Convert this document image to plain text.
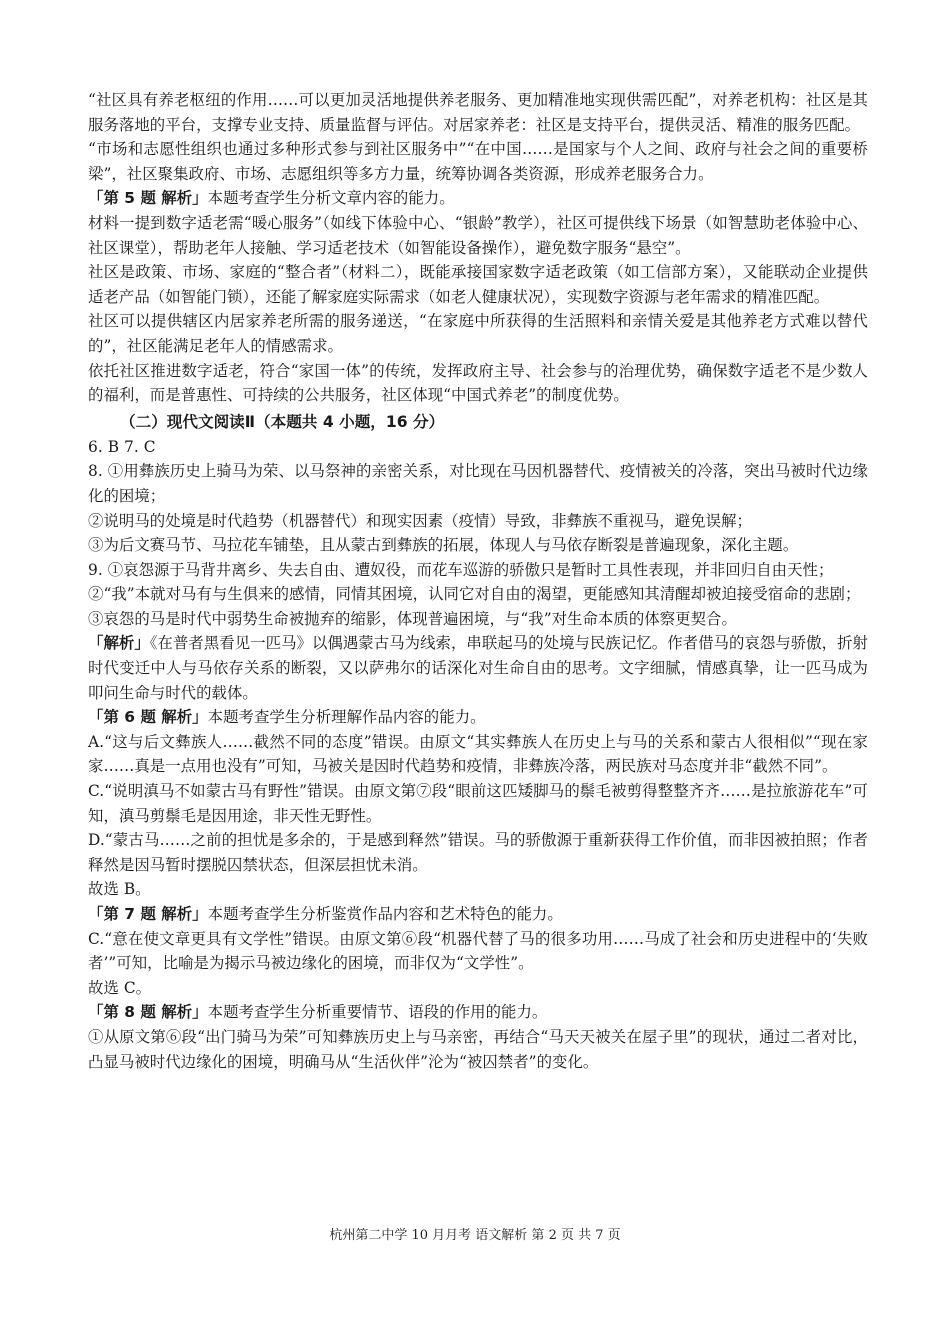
“社区具有养老枢纽的作用……可以更加灵活地提供养老服务、更加精准地实现供需匹配”，对养老机构：社区是其服务落地的平台，支撑专业支持、质量监督与评估。对居家养老：社区是支持平台，提供灵活、精准的服务匹配。

“市场和志愿性组织也通过多种形式参与到社区服务中”“在中国……是国家与个人之间、政府与社会之间的重要桥梁”，社区聚集政府、市场、志愿组织等多方力量，统筹协调各类资源，形成养老服务合力。

「第 5 题 解析」本题考查学生分析文章内容的能力。

材料一提到数字适老需“暖心服务”（如线下体验中心、“银龄”教学），社区可提供线下场景（如智慧助老体验中心、社区课堂），帮助老年人接触、学习适老技术（如智能设备操作），避免数字服务“悬空”。

社区是政策、市场、家庭的“整合者”（材料二），既能承接国家数字适老政策（如工信部方案），又能联动企业提供适老产品（如智能门锁），还能了解家庭实际需求（如老人健康状况），实现数字资源与老年需求的精准匹配。

社区可以提供辖区内居家养老所需的服务递送，“在家庭中所获得的生活照料和亲情关爱是其他养老方式难以替代的”，社区能满足老年人的情感需求。

依托社区推进数字适老，符合“家国一体”的传统，发挥政府主导、社会参与的治理优势，确保数字适老不是少数人的福利，而是普惠性、可持续的公共服务，社区体现“中国式养老”的制度优势。

（二）现代文阅读Ⅱ（本题共 4 小题，16 分）

6. B 7. C

8. ①用彝族历史上骑马为荣、以马祭神的亲密关系，对比现在马因机器替代、疫情被关的冷落，突出马被时代边缘化的困境；

②说明马的处境是时代趋势（机器替代）和现实因素（疫情）导致，非彝族不重视马，避免误解；

③为后文赛马节、马拉花车铺垫，且从蒙古到彝族的拓展，体现人与马依存断裂是普遍现象，深化主题。

9. ①哀怨源于马背井离乡、失去自由、遭奴役，而花车巡游的骄傲只是暂时工具性表现，并非回归自由天性；

②“我”本就对马有与生俱来的感情，同情其困境，认同它对自由的渴望，更能感知其清醒却被迫接受宿命的悲剧；

③哀怨的马是时代中弱势生命被抛弃的缩影，体现普遍困境，与“我”对生命本质的体察更契合。

「解析」《在普者黑看见一匹马》以偶遇蒙古马为线索，串联起马的处境与民族记忆。作者借马的哀怨与骄傲，折射时代变迁中人与马依存关系的断裂，又以萨弗尔的话深化对生命自由的思考。文字细腻，情感真挚，让一匹马成为叩问生命与时代的载体。

「第 6 题 解析」本题考查学生分析理解作品内容的能力。

A.“这与后文彝族人……截然不同的态度”错误。由原文“其实彝族人在历史上与马的关系和蒙古人很相似”“现在家家……真是一点用也没有”可知，马被关是因时代趋势和疫情，非彝族冷落，两民族对马态度并非“截然不同”。

C.“说明滇马不如蒙古马有野性”错误。由原文第⑦段“眼前这匹矮脚马的鬃毛被剪得整整齐齐……是拉旅游花车”可知，滇马剪鬃毛是因用途，非天性无野性。

D.“蒙古马……之前的担忧是多余的，于是感到释然”错误。马的骄傲源于重新获得工作价值，而非因被拍照；作者释然是因马暂时摆脱囚禁状态，但深层担忧未消。

故选 B。

「第 7 题 解析」本题考查学生分析鉴赏作品内容和艺术特色的能力。

C.“意在使文章更具有文学性”错误。由原文第⑥段“机器代替了马的很多功用……马成了社会和历史进程中的‘失败者’”可知，比喻是为揭示马被边缘化的困境，而非仅为“文学性”。

故选 C。

「第 8 题 解析」本题考查学生分析重要情节、语段的作用的能力。

①从原文第⑥段“出门骑马为荣”可知彝族历史上与马亲密，再结合“马天天被关在屋子里”的现状，通过二者对比，凸显马被时代边缘化的困境，明确马从“生活伙伴”沦为“被囚禁者”的变化。

杭州第二中学 10 月月考 语文解析 第 2 页 共 7 页
